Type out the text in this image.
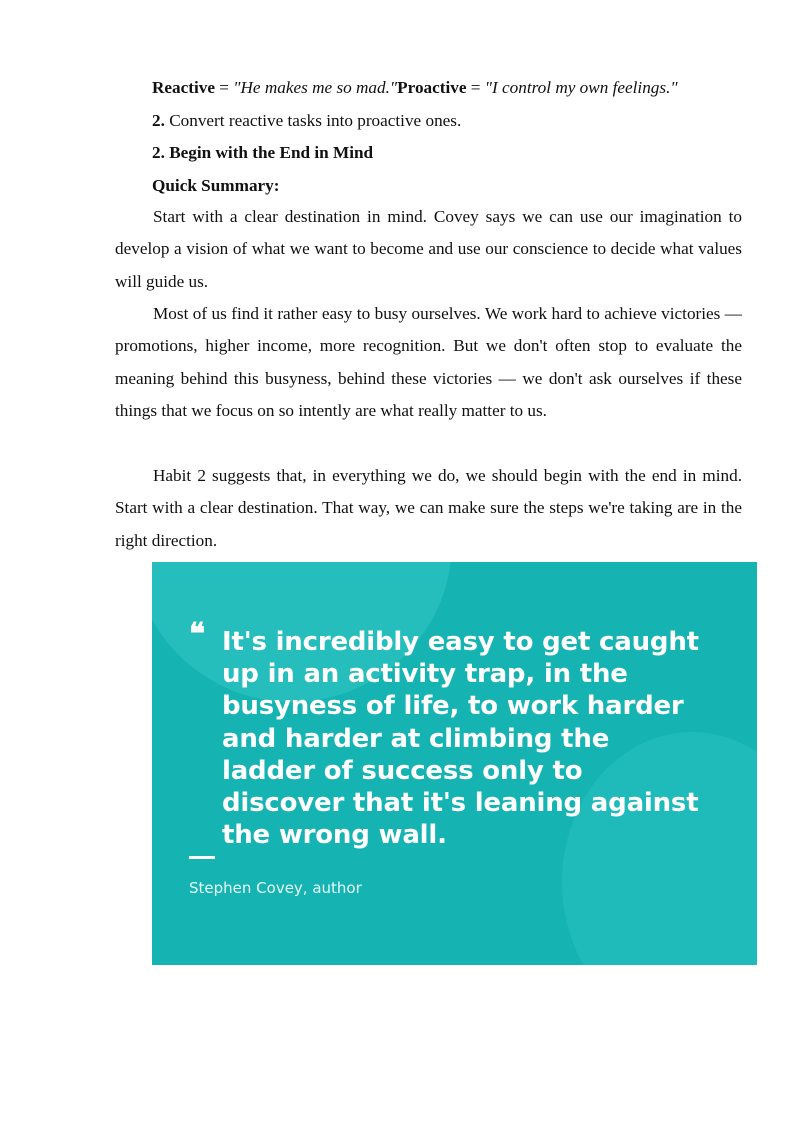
Reactive = "He makes me so mad."Proactive = "I control my own feelings."
2. Convert reactive tasks into proactive ones.
2. Begin with the End in Mind
Quick Summary:

Start with a clear destination in mind. Covey says we can use our imagination to develop a vision of what we want to become and use our conscience to decide what values will guide us.

Most of us find it rather easy to busy ourselves. We work hard to achieve victories — promotions, higher income, more recognition. But we don't often stop to evaluate the meaning behind this busyness, behind these victories — we don't ask ourselves if these things that we focus on so intently are what really matter to us.

Habit 2 suggests that, in everything we do, we should begin with the end in mind. Start with a clear destination. That way, we can make sure the steps we're taking are in the right direction.

❝ It's incredibly easy to get caught
up in an activity trap, in the
busyness of life, to work harder
and harder at climbing the
ladder of success only to
discover that it's leaning against
the wrong wall.
Stephen Covey, author
